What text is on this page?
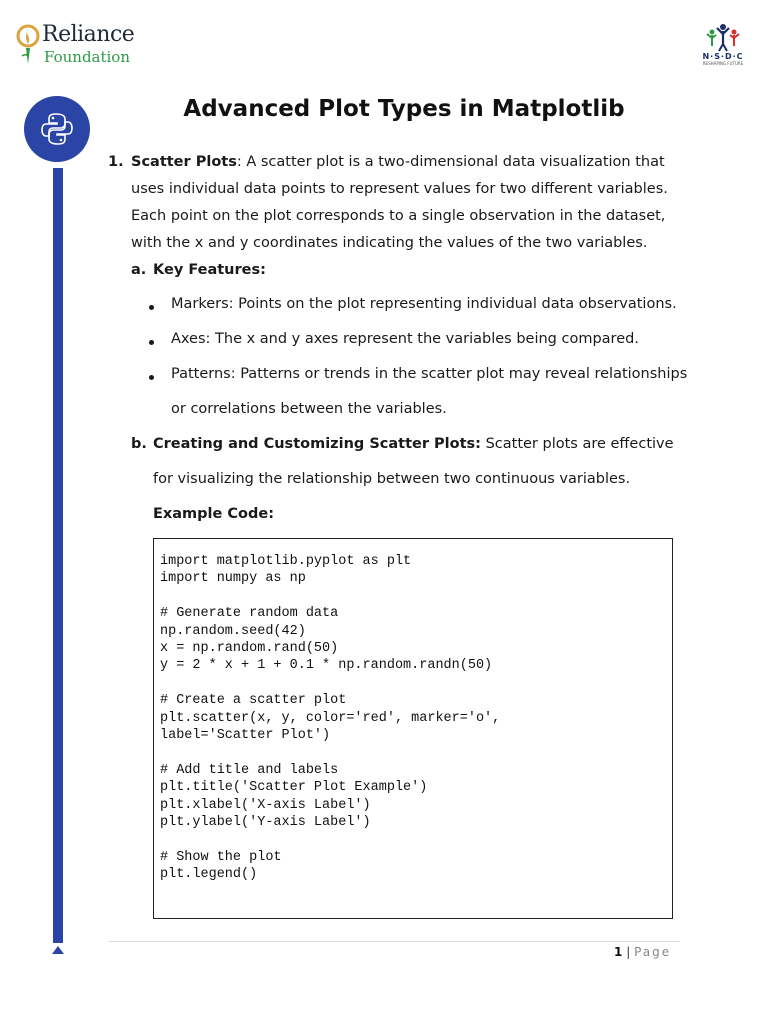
Reliance
Foundation	N·S·D·C
RESHAPING FUTURE
Advanced Plot Types in Matplotlib
1. Scatter Plots: A scatter plot is a two-dimensional data visualization that
uses individual data points to represent values for two different variables.
Each point on the plot corresponds to a single observation in the dataset,
with the x and y coordinates indicating the values of the two variables.
a. Key Features:
Markers: Points on the plot representing individual data observations.
Axes: The x and y axes represent the variables being compared.
Patterns: Patterns or trends in the scatter plot may reveal relationships
or correlations between the variables.
b. Creating and Customizing Scatter Plots: Scatter plots are effective
for visualizing the relationship between two continuous variables.
Example Code:
import matplotlib.pyplot as plt
import numpy as np

# Generate random data
np.random.seed(42)
x = np.random.rand(50)
y = 2 * x + 1 + 0.1 * np.random.randn(50)

# Create a scatter plot
plt.scatter(x, y, color='red', marker='o',
label='Scatter Plot')

# Add title and labels
plt.title('Scatter Plot Example')
plt.xlabel('X-axis Label')
plt.ylabel('Y-axis Label')

# Show the plot
plt.legend()
1 | Page
